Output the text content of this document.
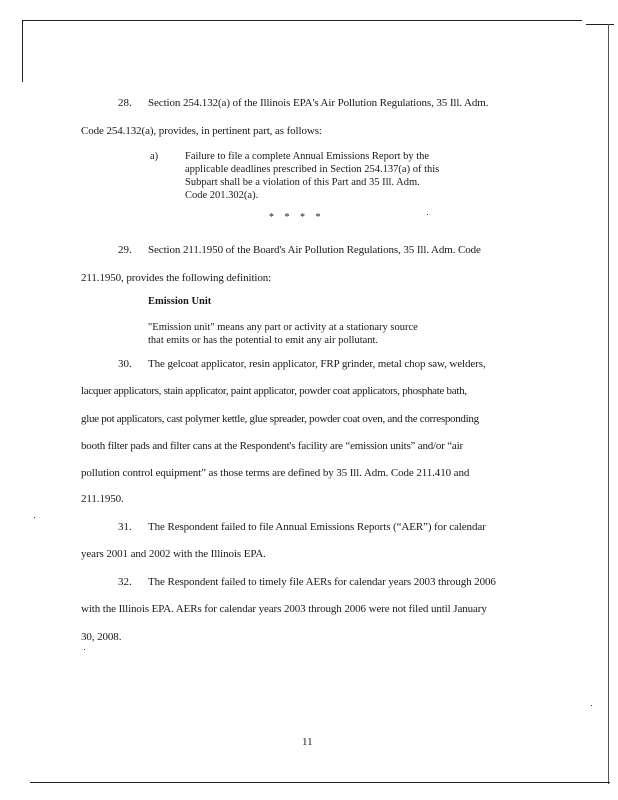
28. Section 254.132(a) of the Illinois EPA's Air Pollution Regulations, 35 Ill. Adm.
Code 254.132(a), provides, in pertinent part, as follows:
a)	Failure to file a complete Annual Emissions Report by the
applicable deadlines prescribed in Section 254.137(a) of this
Subpart shall be a violation of this Part and 35 Ill. Adm.
Code 201.302(a).
* * * *
29. Section 211.1950 of the Board's Air Pollution Regulations, 35 Ill. Adm. Code
211.1950, provides the following definition:
Emission Unit
"Emission unit" means any part or activity at a stationary source
that emits or has the potential to emit any air pollutant.
30. The gelcoat applicator, resin applicator, FRP grinder, metal chop saw, welders,
lacquer applicators, stain applicator, paint applicator, powder coat applicators, phosphate bath,
glue pot applicators, cast polymer kettle, glue spreader, powder coat oven, and the corresponding
booth filter pads and filter cans at the Respondent's facility are “emission units” and/or “air
pollution control equipment” as those terms are defined by 35 Ill. Adm. Code 211.410 and
211.1950.
31. The Respondent failed to file Annual Emissions Reports (“AER”) for calendar
years 2001 and 2002 with the Illinois EPA.
32. The Respondent failed to timely file AERs for calendar years 2003 through 2006
with the Illinois EPA. AERs for calendar years 2003 through 2006 were not filed until January
30, 2008.
11
